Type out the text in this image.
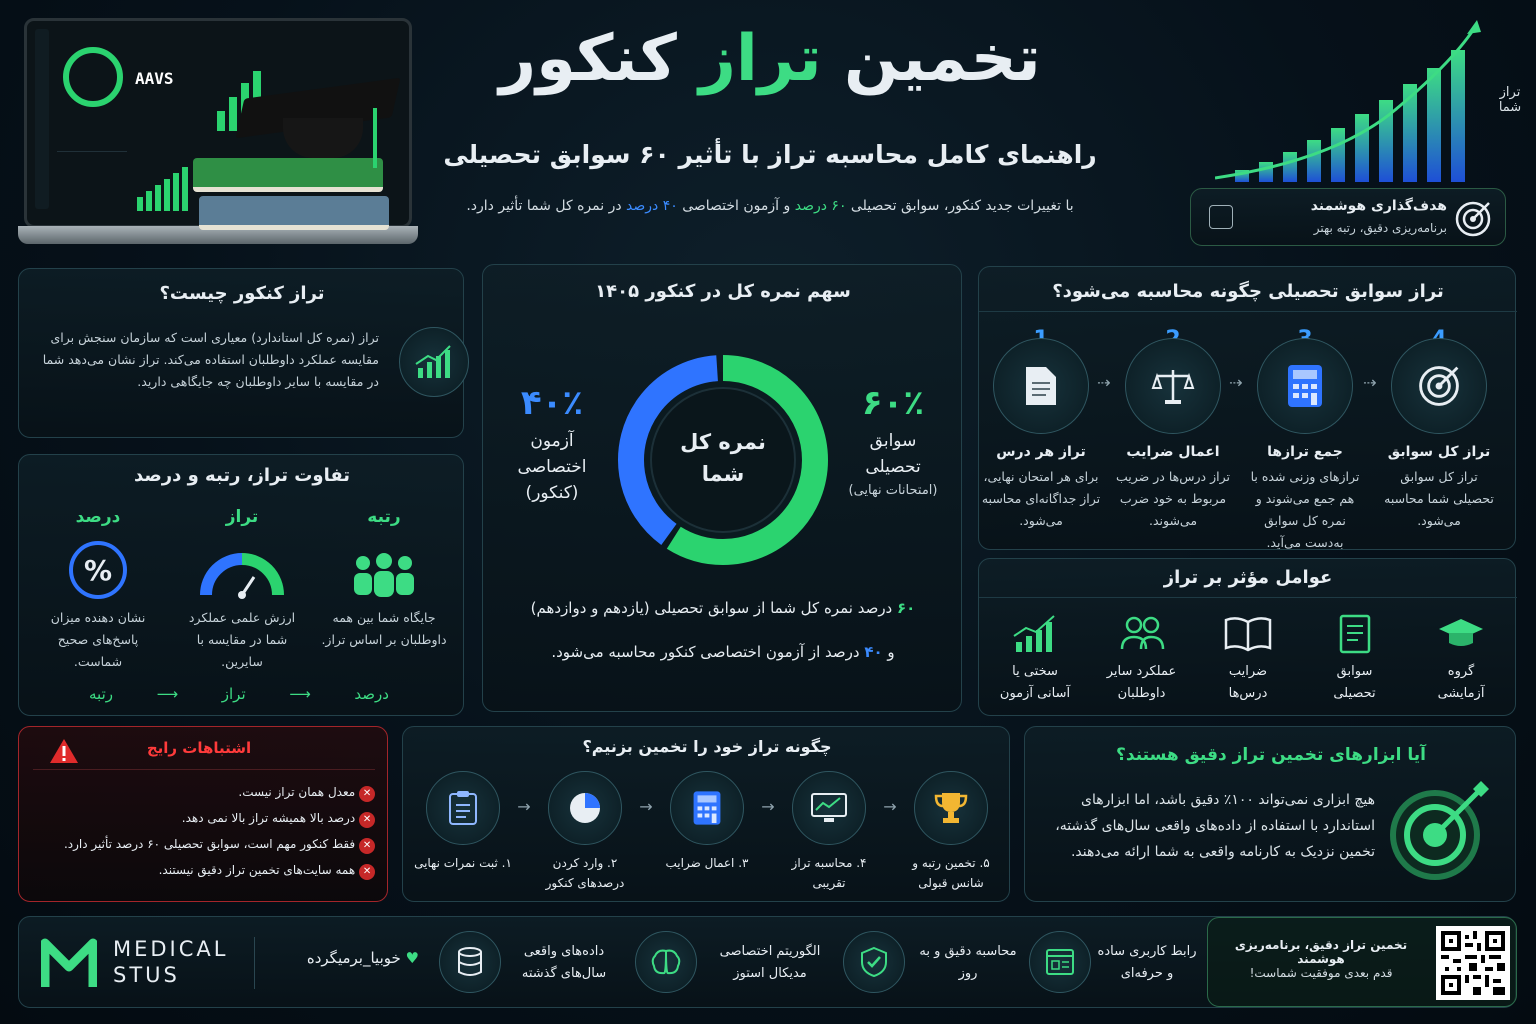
AAVS	تخمین تراز کنکور
راهنمای کامل محاسبه تراز با تأثیر ۶۰ سوابق تحصیلی
با تغییرات جدید کنکور، سوابق تحصیلی ۶۰ درصد و آزمون اختصاصی ۴۰ درصد در نمره کل شما تأثیر دارد.
تراز شما
هدف‌گذاری هوشمند
برنامه‌ریزی دقیق، رتبه بهتر
تراز کنکور چیست؟
تراز (نمره کل استاندارد) معیاری است که سازمان سنجش برای مقایسه عملکرد داوطلبان استفاده می‌کند. تراز نشان می‌دهد شما در مقایسه با سایر داوطلبان چه جایگاهی دارید.
تفاوت تراز، رتبه و درصد
رتبه
جایگاه شما بین همه داوطلبان بر اساس تراز.
تراز
ارزش علمی عملکرد شما در مقایسه با سایرین.
درصد
%
نشان دهنده میزان پاسخ‌های صحیح شماست.
رتبه	⟶	تراز	⟶	درصد
سهم نمره کل در کنکور ۱۴۰۵
۴۰٪
آزمون
اختصاصی
(کنکور)
۶۰٪
سوابق
تحصیلی
(امتحانات نهایی)
نمره کل
شما
۶۰ درصد نمره کل شما از سوابق تحصیلی (یازدهم و دوازدهم)
و ۴۰ درصد از آزمون اختصاصی کنکور محاسبه می‌شود.
تراز سوابق تحصیلی چگونه محاسبه می‌شود؟
تراز کل سوابق
تراز کل سوابق تحصیلی شما محاسبه می‌شود.
⇢
جمع ترازها
ترازهای وزنی شده با هم جمع می‌شوند و نمره کل سوابق به‌دست می‌آید.
⇢
اعمال ضرایب
تراز درس‌ها در ضریب مربوط به خود ضرب می‌شوند.
⇢
تراز هر درس
برای هر امتحان نهایی، تراز جداگانه‌ای محاسبه می‌شود.
عوامل مؤثر بر تراز
گروه آزمایشی
سوابق تحصیلی
ضرایب درس‌ها
عملکرد سایر داوطلبان
سختی یا آسانی آزمون
اشتباهات رایج
✕ معدل همان تراز نیست.
✕ درصد بالا همیشه تراز بالا نمی دهد.
✕ فقط کنکور مهم است، سوابق تحصیلی ۶۰ درصد تأثیر دارد.
✕ همه سایت‌های تخمین تراز دقیق نیستند.
چگونه تراز خود را تخمین بزنیم؟
۱. ثبت نمرات نهایی
→
۲. وارد کردن درصدهای کنکور
→
۳. اعمال ضرایب
→
۴. محاسبه تراز تقریبی
→
۵. تخمین رتبه و شانس قبولی
آیا ابزارهای تخمین تراز دقیق هستند؟
هیچ ابزاری نمی‌تواند ۱۰۰٪ دقیق باشد، اما ابزارهای استاندارد با استفاده از داده‌های واقعی سال‌های گذشته، تخمین نزدیک به کارنامه واقعی به شما ارائه می‌دهند.
MEDICAL
STUS
♥ خوبیا_برمیگرده	داده‌های واقعی سال‌های گذشته
الگوریتم اختصاصی مدیکال استوز
محاسبه دقیق و به روز
رابط کاربری ساده و حرفه‌ای
تخمین تراز دقیق، برنامه‌ریزی هوشمند
قدم بعدی موفقیت شماست!
